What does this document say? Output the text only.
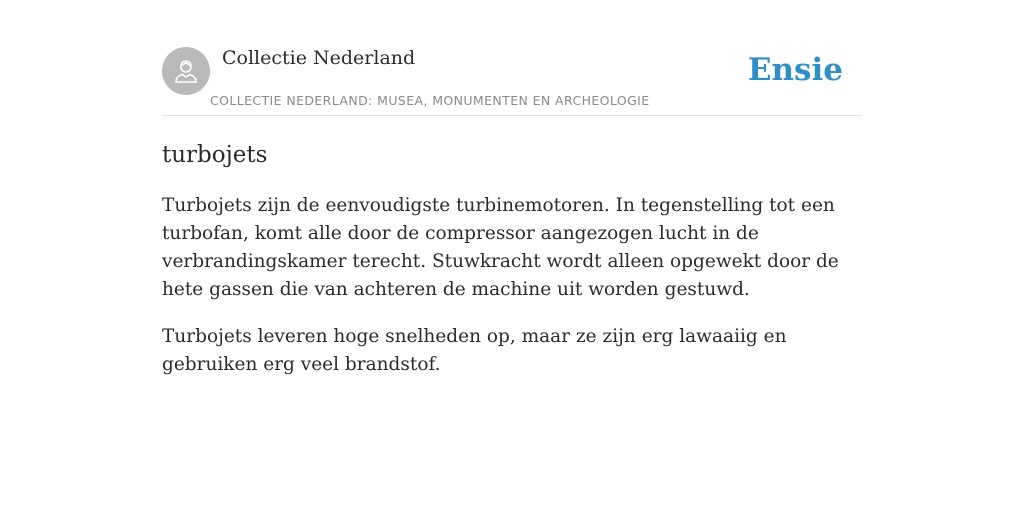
Collectie Nederland
COLLECTIE NEDERLAND: MUSEA, MONUMENTEN EN ARCHEOLOGIE
Ensie
turbojets

Turbojets zijn de eenvoudigste turbinemotoren. In tegenstelling tot een turbofan, komt alle door de compressor aangezogen lucht in de verbrandingskamer terecht. Stuwkracht wordt alleen opgewekt door de hete gassen die van achteren de machine uit worden gestuwd.

Turbojets leveren hoge snelheden op, maar ze zijn erg lawaaiig en gebruiken erg veel brandstof.
